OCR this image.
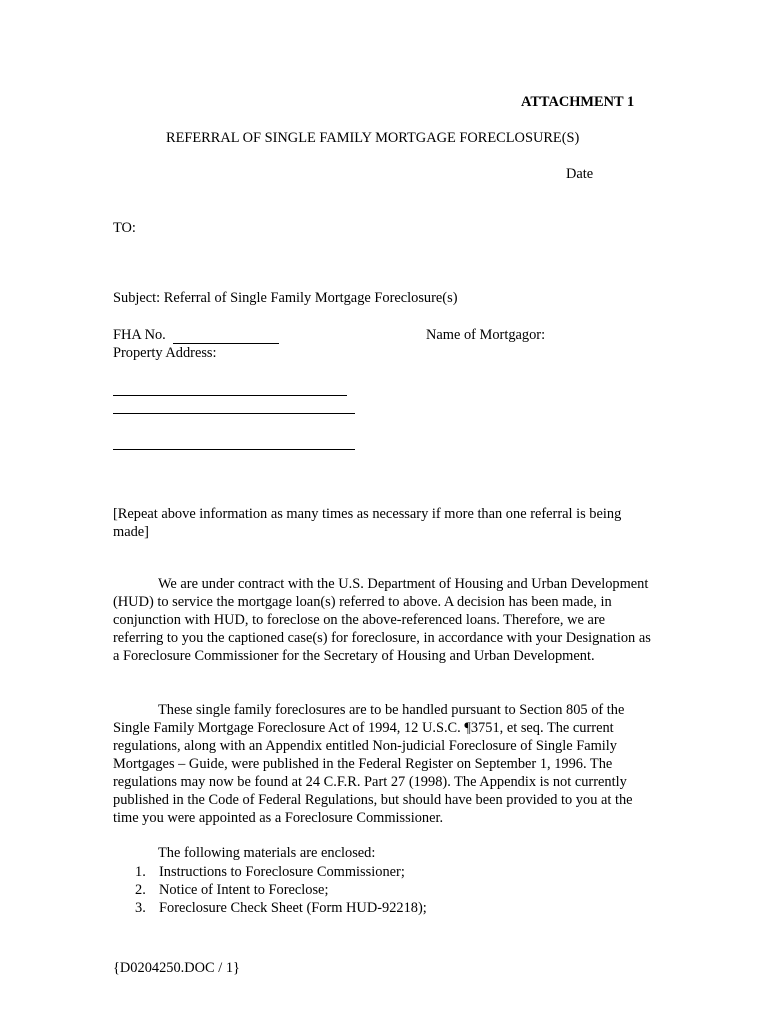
ATTACHMENT 1
REFERRAL OF SINGLE FAMILY MORTGAGE FORECLOSURE(S)
Date
TO:
Subject: Referral of Single Family Mortgage Foreclosure(s)
FHA No.	Name of Mortgagor:
Property Address:
[Repeat above information as many times as necessary if more than one referral is being made]
We are under contract with the U.S. Department of Housing and Urban Development (HUD) to service the mortgage loan(s) referred to above. A decision has been made, in conjunction with HUD, to foreclose on the above-referenced loans. Therefore, we are referring to you the captioned case(s) for foreclosure, in accordance with your Designation as a Foreclosure Commissioner for the Secretary of Housing and Urban Development.
These single family foreclosures are to be handled pursuant to Section 805 of the Single Family Mortgage Foreclosure Act of 1994, 12 U.S.C. ¶3751, et seq. The current regulations, along with an Appendix entitled Non-judicial Foreclosure of Single Family Mortgages – Guide, were published in the Federal Register on September 1, 1996. The regulations may now be found at 24 C.F.R. Part 27 (1998). The Appendix is not currently published in the Code of Federal Regulations, but should have been provided to you at the time you were appointed as a Foreclosure Commissioner.
The following materials are enclosed:
1. Instructions to Foreclosure Commissioner;
2. Notice of Intent to Foreclose;
3. Foreclosure Check Sheet (Form HUD-92218);
{D0204250.DOC / 1}
